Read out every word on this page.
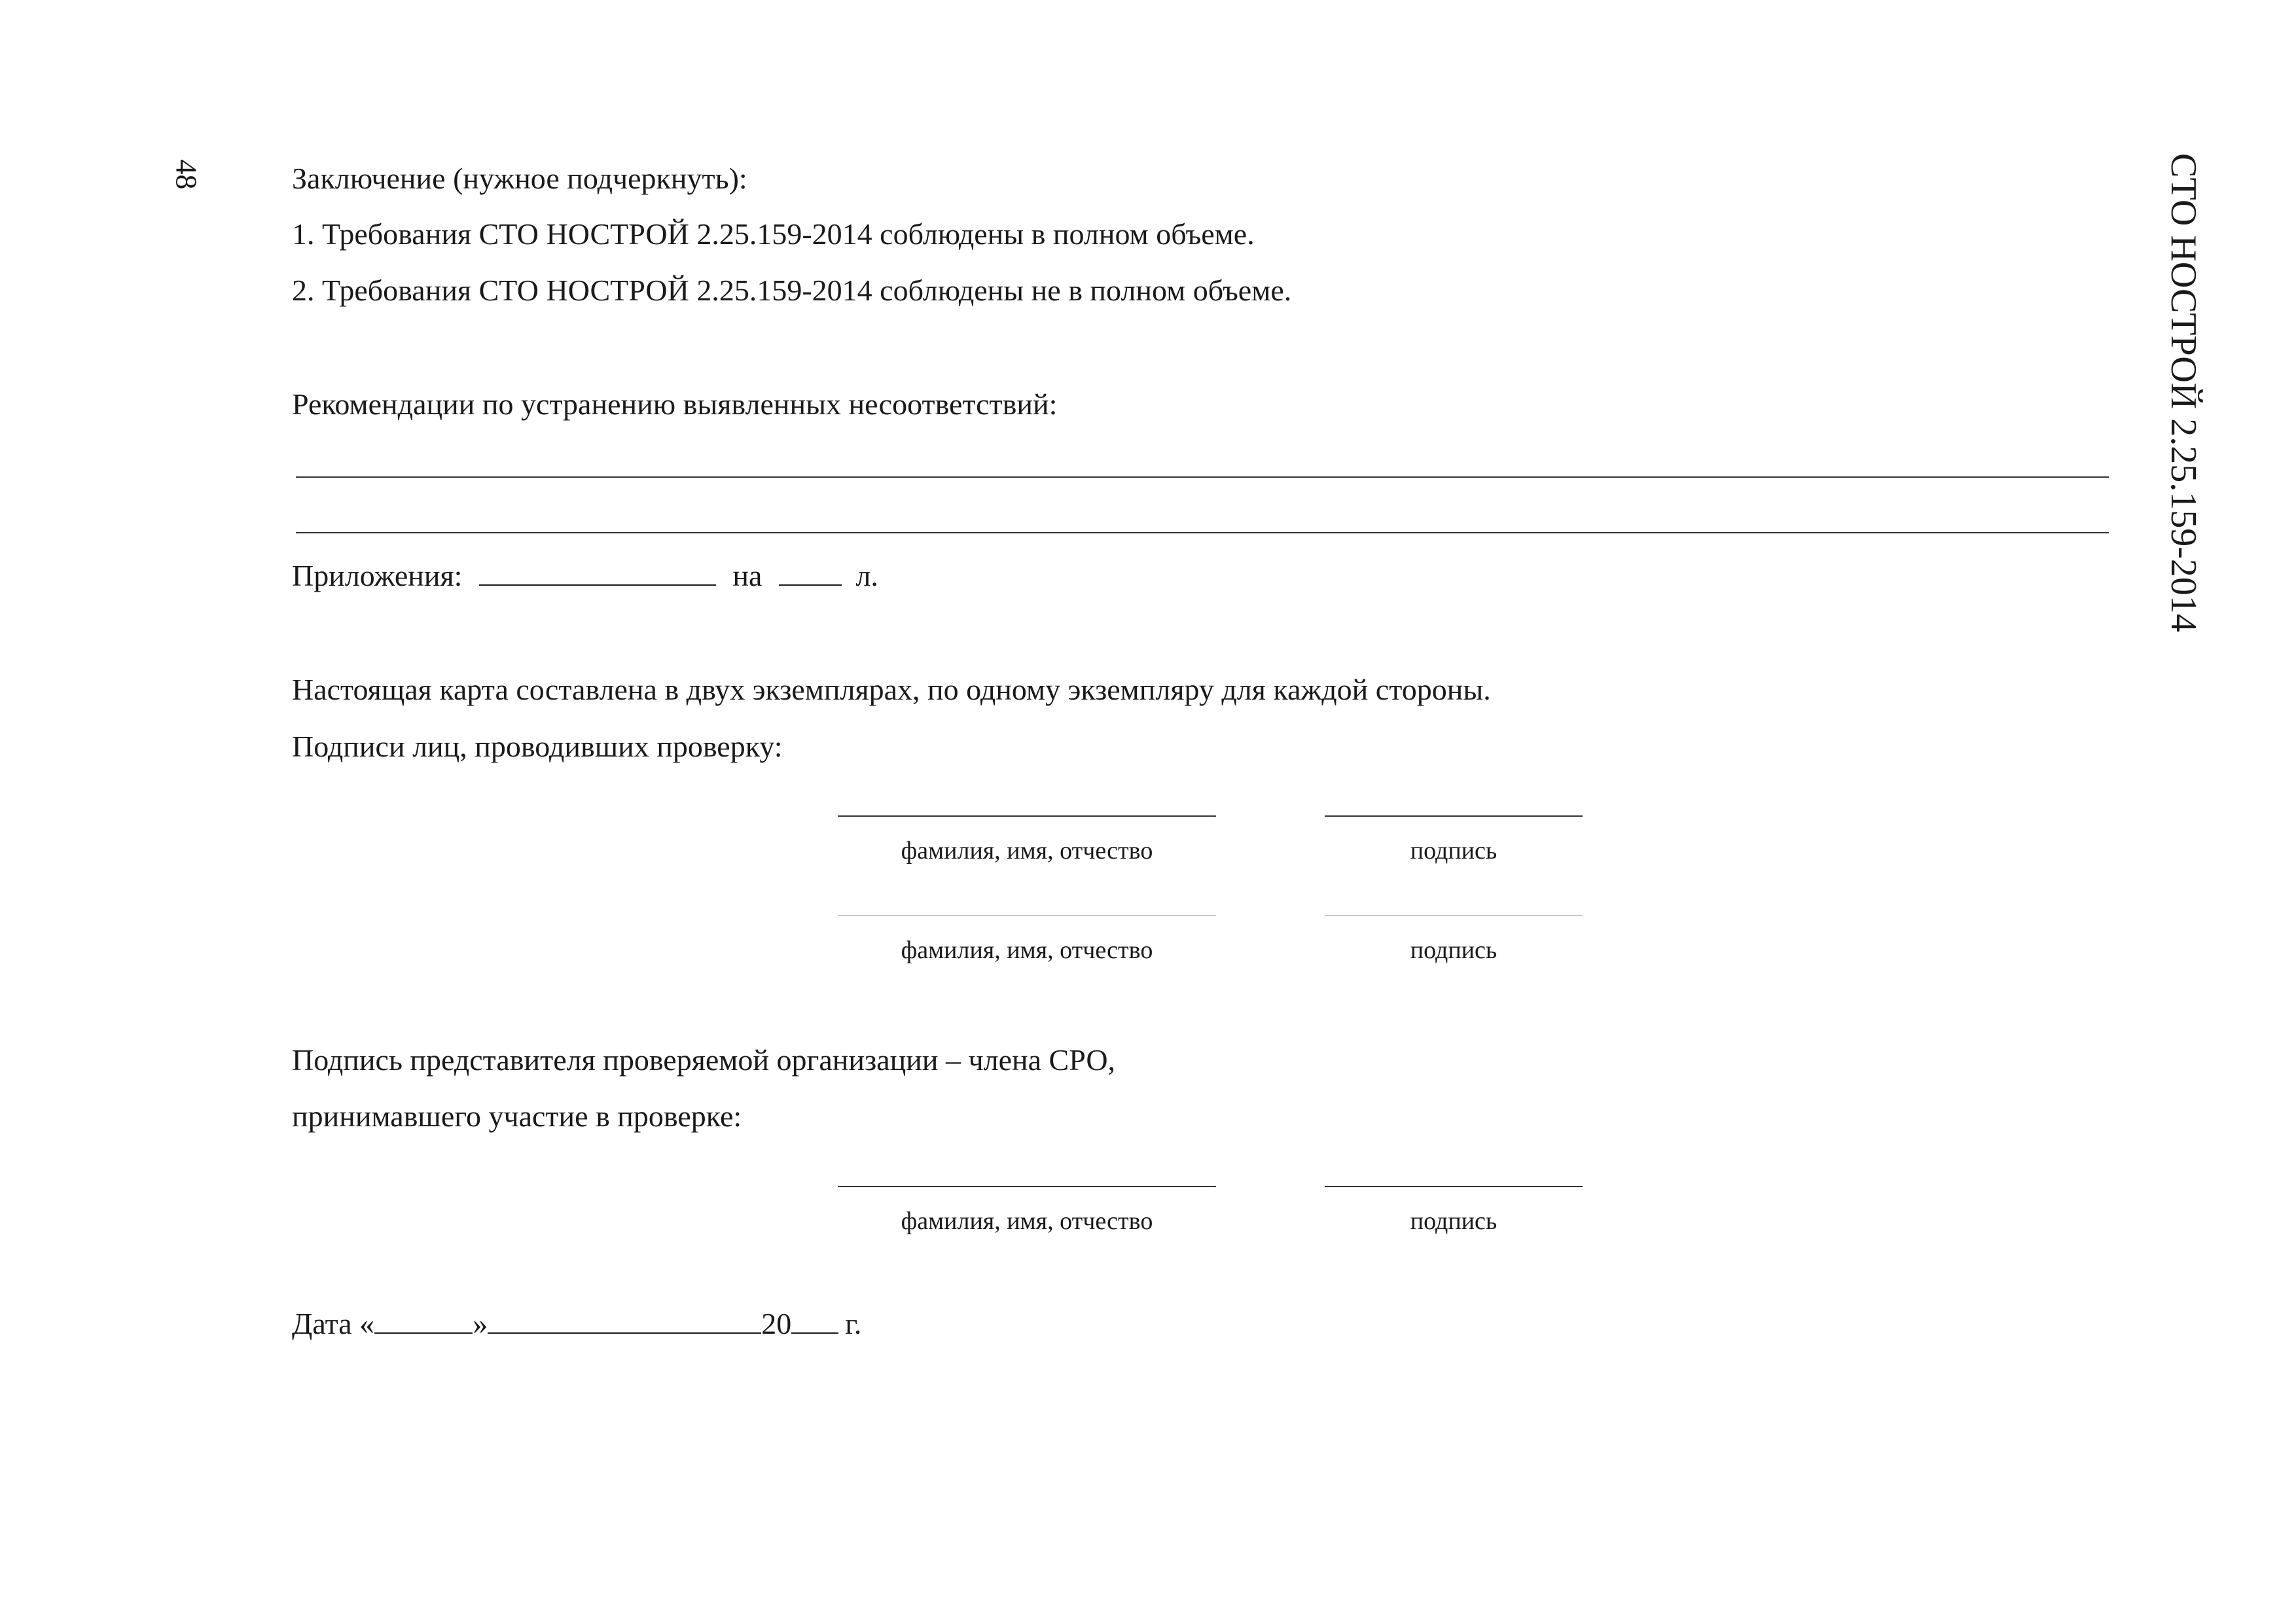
48	СТО НОСТРОЙ 2.25.159-2014
Заключение (нужное подчеркнуть):
1. Требования СТО НОСТРОЙ 2.25.159-2014 соблюдены в полном объеме.
2. Требования СТО НОСТРОЙ 2.25.159-2014 соблюдены не в полном объеме.
Рекомендации по устранению выявленных несоответствий:
Приложения:	на	л.
Настоящая карта составлена в двух экземплярах, по одному экземпляру для каждой стороны.
Подписи лиц, проводивших проверку:
фамилия, имя, отчество	подпись
фамилия, имя, отчество	подпись
Подпись представителя проверяемой организации – члена СРО,
принимавшего участие в проверке:
фамилия, имя, отчество	подпись
Дата «	»	20 г.
